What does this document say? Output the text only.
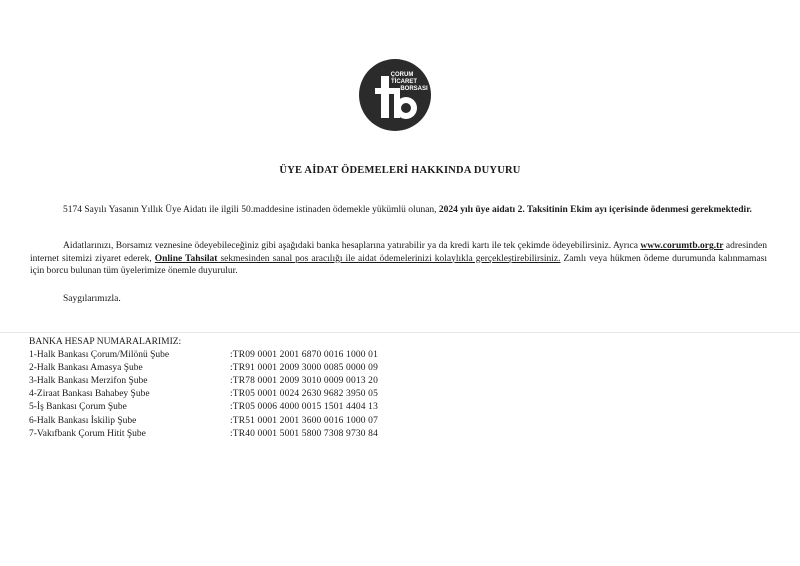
ÇORUM
TİCARET
BORSASI
ÜYE AİDAT ÖDEMELERİ HAKKINDA DUYURU
5174 Sayılı Yasanın Yıllık Üye Aidatı ile ilgili 50.maddesine istinaden ödemekle yükümlü olunan, 2024 yılı üye aidatı 2. Taksitinin Ekim ayı içerisinde ödenmesi gerekmektedir.
Aidatlarınızı, Borsamız veznesine ödeyebileceğiniz gibi aşağıdaki banka hesaplarına yatırabilir ya da kredi kartı ile tek çekimde ödeyebilirsiniz. Ayrıca www.corumtb.org.tr adresinden internet sitemizi ziyaret ederek, Online Tahsilat sekmesinden sanal pos aracılığı ile aidat ödemelerinizi kolaylıkla gerçekleştirebilirsiniz. Zamlı veya hükmen ödeme durumunda kalınmaması için borcu bulunan tüm üyelerimize önemle duyurulur.
Saygılarımızla.
BANKA HESAP NUMARALARIMIZ:
1-Halk Bankası Çorum/Milönü Şube	:TR09 0001 2001 6870 0016 1000 01
2-Halk Bankası Amasya Şube	:TR91 0001 2009 3000 0085 0000 09
3-Halk Bankası Merzifon Şube	:TR78 0001 2009 3010 0009 0013 20
4-Ziraat Bankası Bahabey Şube	:TR05 0001 0024 2630 9682 3950 05
5-İş Bankası Çorum Şube	:TR05 0006 4000 0015 1501 4404 13
6-Halk Bankası İskilip Şube	:TR51 0001 2001 3600 0016 1000 07
7-Vakıfbank Çorum Hitit Şube	:TR40 0001 5001 5800 7308 9730 84
